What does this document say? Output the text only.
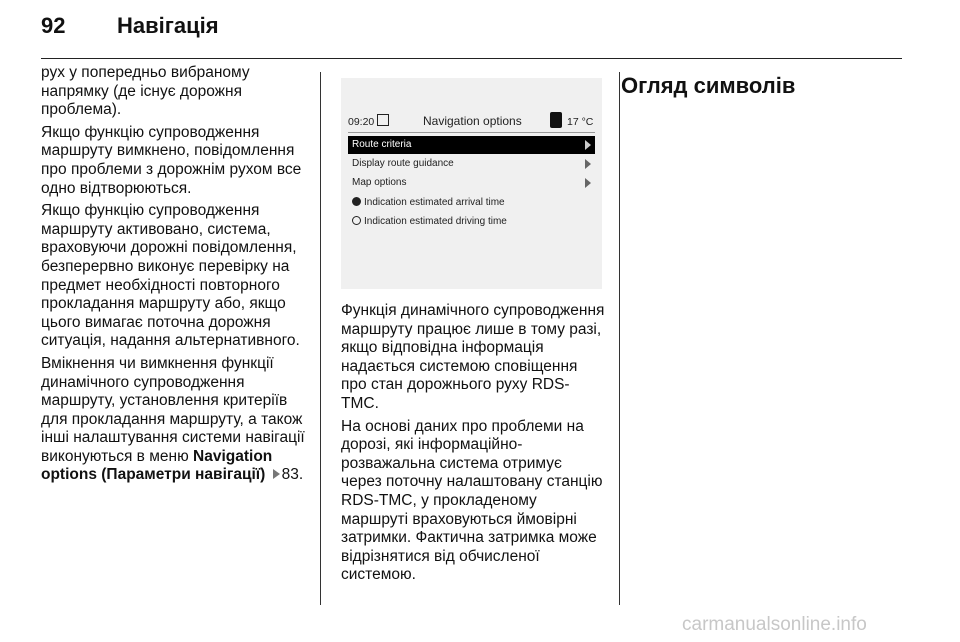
92 Навігація

рух у попередньо вибраному напрямку (де існує дорожня проблема).

Якщо функцію супроводження маршруту вимкнено, повідомлення про проблеми з дорожнім рухом все одно відтворюються.

Якщо функцію супроводження маршруту активовано, система, враховуючи дорожні повідомлення, безперервно виконує перевірку на предмет необхідності повторного прокладання маршруту або, якщо цього вимагає поточна дорожня ситуація, надання альтернативного.

Вмікнення чи вимкнення функції динамічного супроводження маршруту, установлення критеріїв для прокладання маршруту, а також інші налаштування системи навігації виконуються в меню Navigation options (Параметри навігації) 83.

09:20	Navigation options	17 °C
Route criteria
Display route guidance
Map options
Indication estimated arrival time
Indication estimated driving time

Функція динамічного супроводження маршруту працює лише в тому разі, якщо відповідна інформація надається системою сповіщення про стан дорожнього руху RDS-TMC.

На основі даних про проблеми на дорозі, які інформаційно-розважальна система отримує через поточну налаштовану станцію RDS-TMC, у прокладеному маршруті враховуються ймовірні затримки. Фактична затримка може відрізнятися від обчисленої системою.

Огляд символів
carmanualsonline.info
